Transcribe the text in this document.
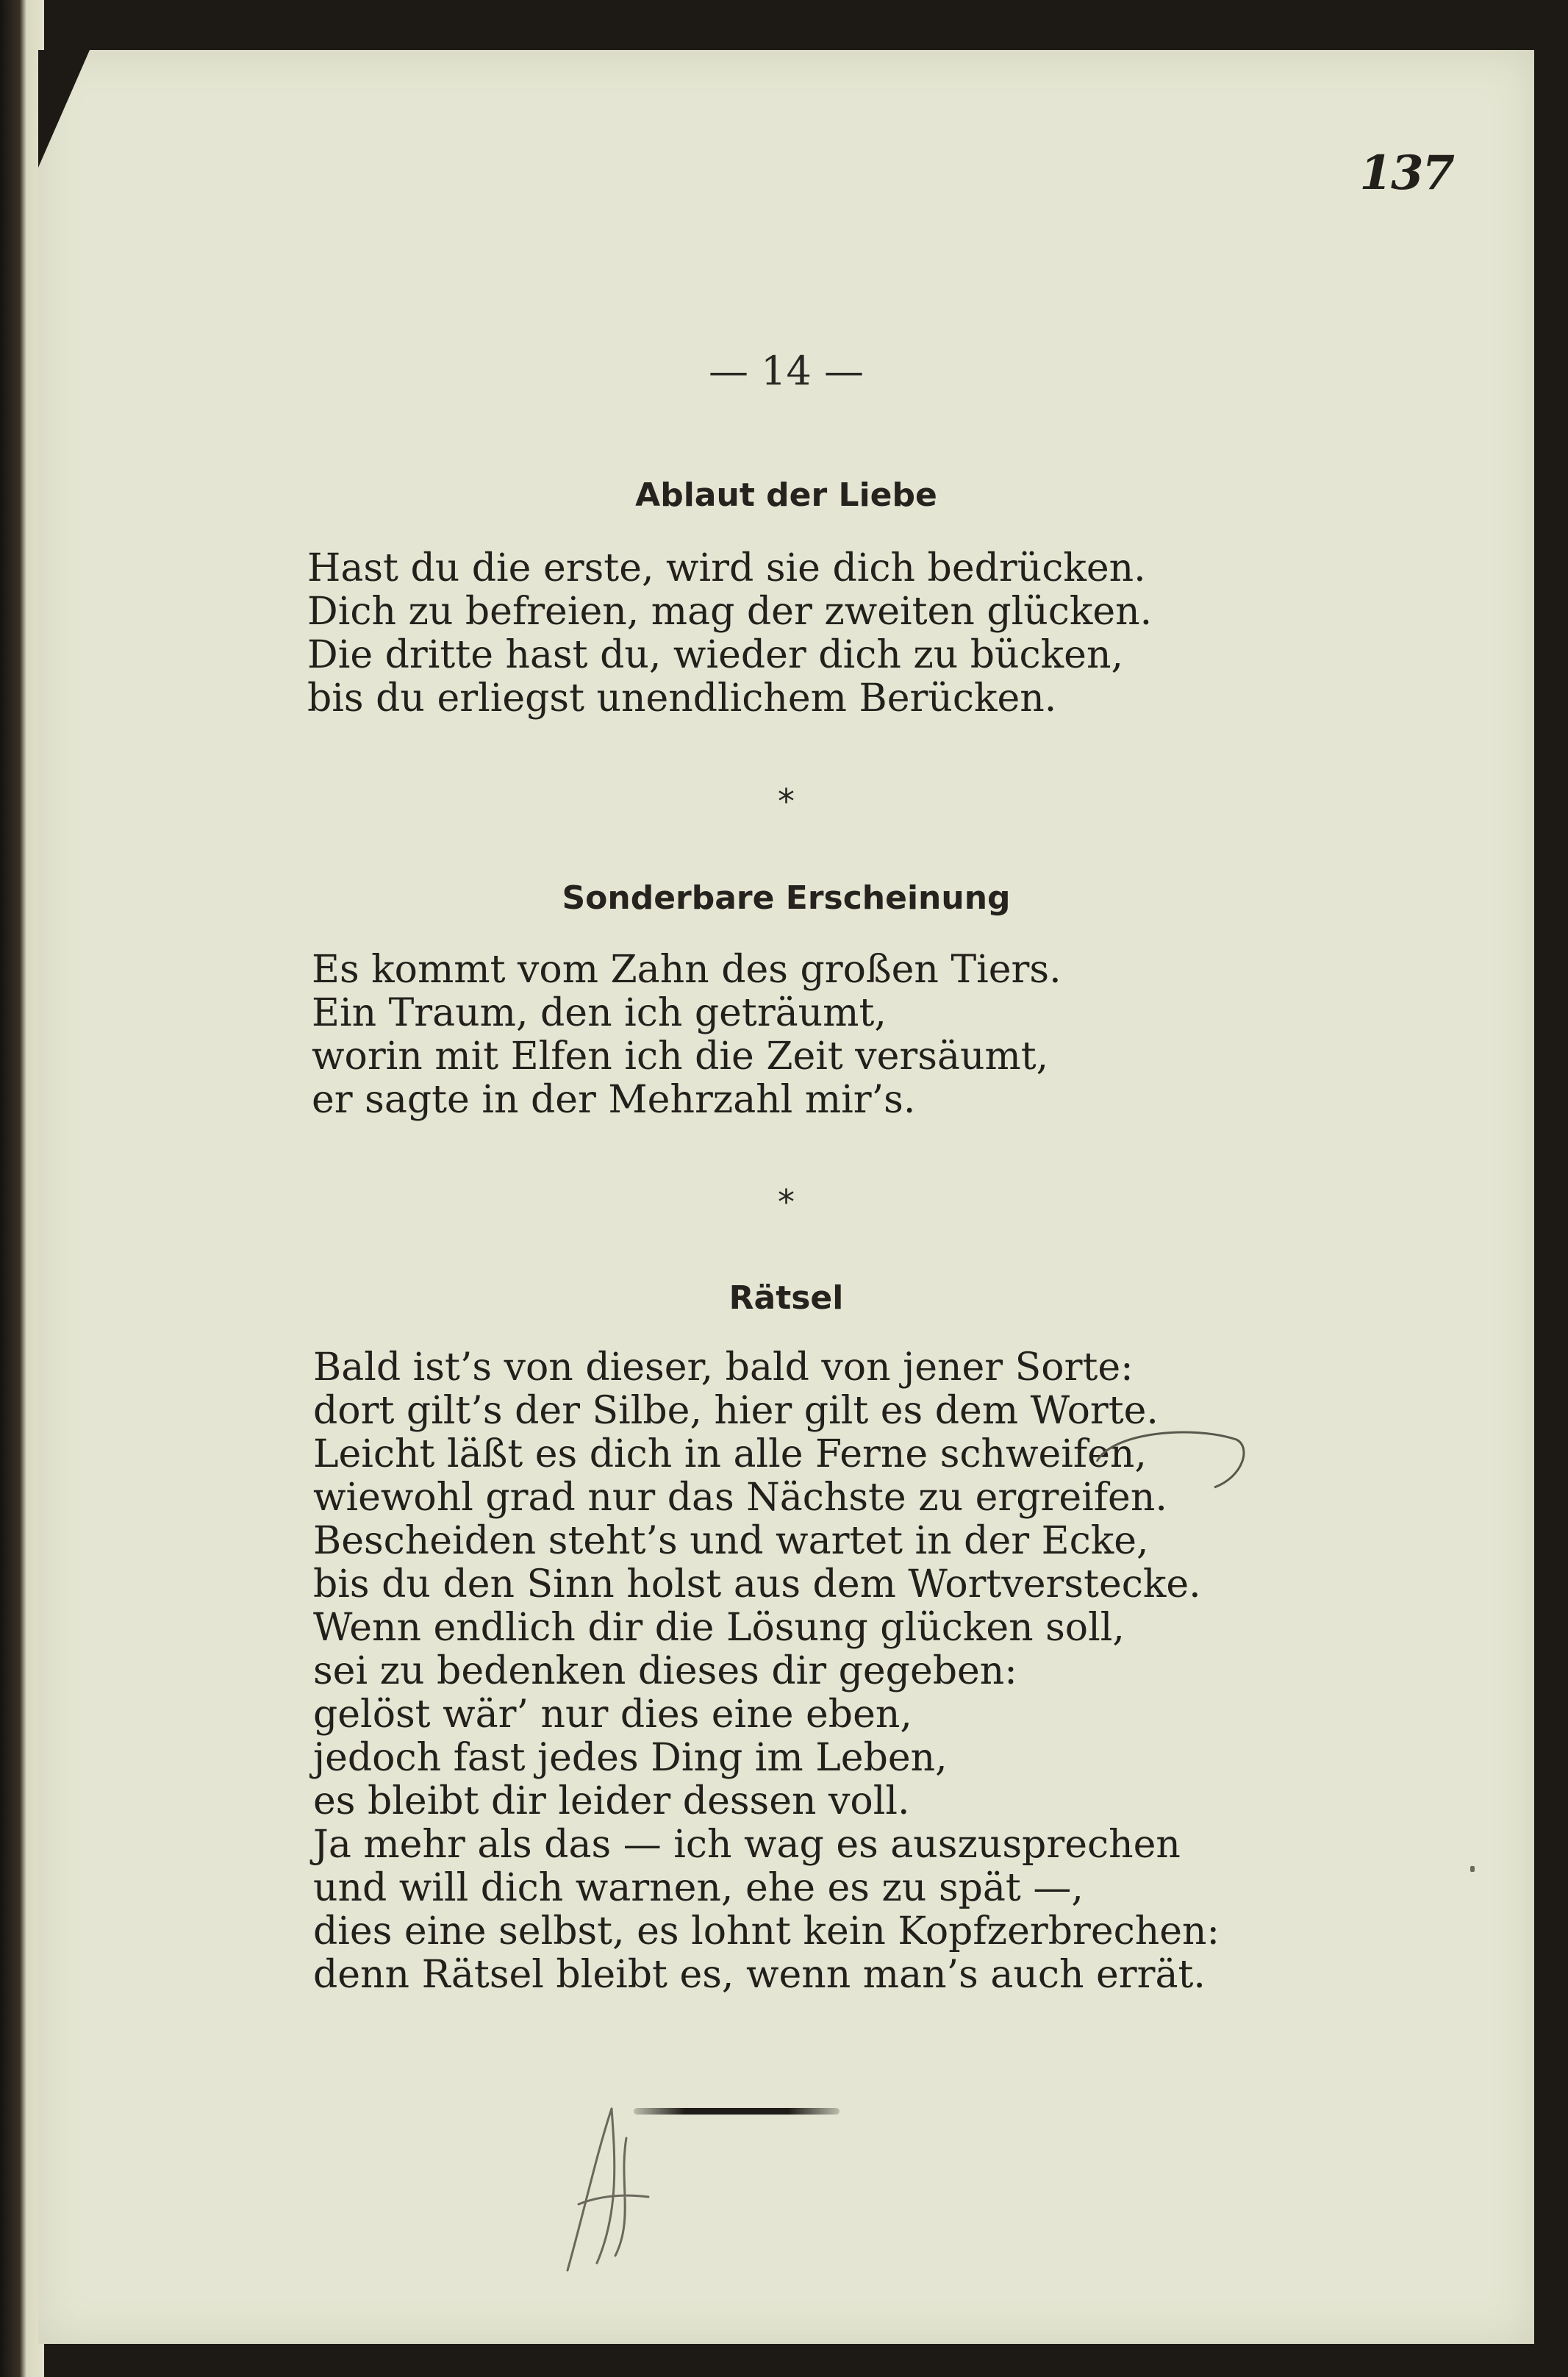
137
— 14 —
Ablaut der Liebe
Hast du die erste, wird sie dich bedrücken.
Dich zu befreien, mag der zweiten glücken.
Die dritte hast du, wieder dich zu bücken,
bis du erliegst unendlichem Berücken.
*
Sonderbare Erscheinung
Es kommt vom Zahn des großen Tiers.
Ein Traum, den ich geträumt,
worin mit Elfen ich die Zeit versäumt,
er sagte in der Mehrzahl mir’s.
*
Rätsel
Bald ist’s von dieser, bald von jener Sorte:
dort gilt’s der Silbe, hier gilt es dem Worte.
Leicht läßt es dich in alle Ferne schweifen,
wiewohl grad nur das Nächste zu ergreifen.
Bescheiden steht’s und wartet in der Ecke,
bis du den Sinn holst aus dem Wortverstecke.
Wenn endlich dir die Lösung glücken soll,
sei zu bedenken dieses dir gegeben:
gelöst wär’ nur dies eine eben,
jedoch fast jedes Ding im Leben,
es bleibt dir leider dessen voll.
Ja mehr als das — ich wag es auszusprechen
und will dich warnen, ehe es zu spät —,
dies eine selbst, es lohnt kein Kopfzerbrechen:
denn Rätsel bleibt es, wenn man’s auch errät.
